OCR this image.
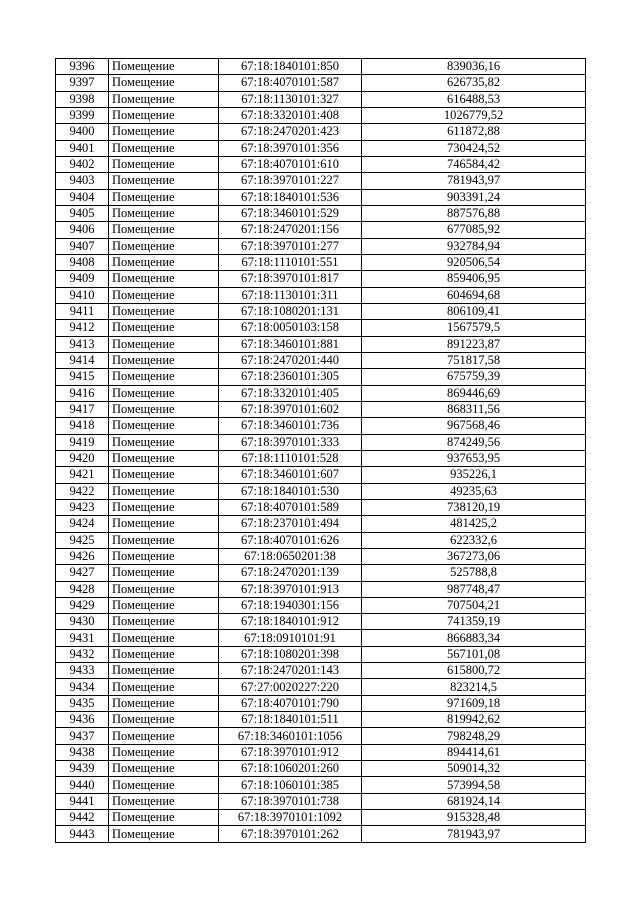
9396	Помещение	67:18:1840101:850	839036,16
9397	Помещение	67:18:4070101:587	626735,82
9398	Помещение	67:18:1130101:327	616488,53
9399	Помещение	67:18:3320101:408	1026779,52
9400	Помещение	67:18:2470201:423	611872,88
9401	Помещение	67:18:3970101:356	730424,52
9402	Помещение	67:18:4070101:610	746584,42
9403	Помещение	67:18:3970101:227	781943,97
9404	Помещение	67:18:1840101:536	903391,24
9405	Помещение	67:18:3460101:529	887576,88
9406	Помещение	67:18:2470201:156	677085,92
9407	Помещение	67:18:3970101:277	932784,94
9408	Помещение	67:18:1110101:551	920506,54
9409	Помещение	67:18:3970101:817	859406,95
9410	Помещение	67:18:1130101:311	604694,68
9411	Помещение	67:18:1080201:131	806109,41
9412	Помещение	67:18:0050103:158	1567579,5
9413	Помещение	67:18:3460101:881	891223,87
9414	Помещение	67:18:2470201:440	751817,58
9415	Помещение	67:18:2360101:305	675759,39
9416	Помещение	67:18:3320101:405	869446,69
9417	Помещение	67:18:3970101:602	868311,56
9418	Помещение	67:18:3460101:736	967568,46
9419	Помещение	67:18:3970101:333	874249,56
9420	Помещение	67:18:1110101:528	937653,95
9421	Помещение	67:18:3460101:607	935226,1
9422	Помещение	67:18:1840101:530	49235,63
9423	Помещение	67:18:4070101:589	738120,19
9424	Помещение	67:18:2370101:494	481425,2
9425	Помещение	67:18:4070101:626	622332,6
9426	Помещение	67:18:0650201:38	367273,06
9427	Помещение	67:18:2470201:139	525788,8
9428	Помещение	67:18:3970101:913	987748,47
9429	Помещение	67:18:1940301:156	707504,21
9430	Помещение	67:18:1840101:912	741359,19
9431	Помещение	67:18:0910101:91	866883,34
9432	Помещение	67:18:1080201:398	567101,08
9433	Помещение	67:18:2470201:143	615800,72
9434	Помещение	67:27:0020227:220	823214,5
9435	Помещение	67:18:4070101:790	971609,18
9436	Помещение	67:18:1840101:511	819942,62
9437	Помещение	67:18:3460101:1056	798248,29
9438	Помещение	67:18:3970101:912	894414,61
9439	Помещение	67:18:1060201:260	509014,32
9440	Помещение	67:18:1060101:385	573994,58
9441	Помещение	67:18:3970101:738	681924,14
9442	Помещение	67:18:3970101:1092	915328,48
9443	Помещение	67:18:3970101:262	781943,97
